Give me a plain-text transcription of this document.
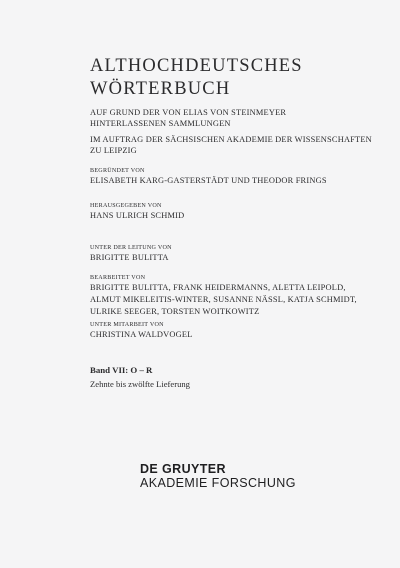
ALTHOCHDEUTSCHES
WÖRTERBUCH
AUF GRUND DER VON ELIAS VON STEINMEYER
HINTERLASSENEN SAMMLUNGEN
IM AUFTRAG DER SÄCHSISCHEN AKADEMIE DER WISSENSCHAFTEN
ZU LEIPZIG
BEGRÜNDET VON
ELISABETH KARG-GASTERSTÄDT UND THEODOR FRINGS
HERAUSGEGEBEN VON
HANS ULRICH SCHMID
UNTER DER LEITUNG VON
BRIGITTE BULITTA
BEARBEITET VON
BRIGITTE BULITTA, FRANK HEIDERMANNS, ALETTA LEIPOLD,
ALMUT MIKELEITIS-WINTER, SUSANNE NÄSSL, KATJA SCHMIDT,
ULRIKE SEEGER, TORSTEN WOITKOWITZ
UNTER MITARBEIT VON
CHRISTINA WALDVOGEL
Band VII: O – R
Zehnte bis zwölfte Lieferung
DE GRUYTER
AKADEMIE FORSCHUNG
